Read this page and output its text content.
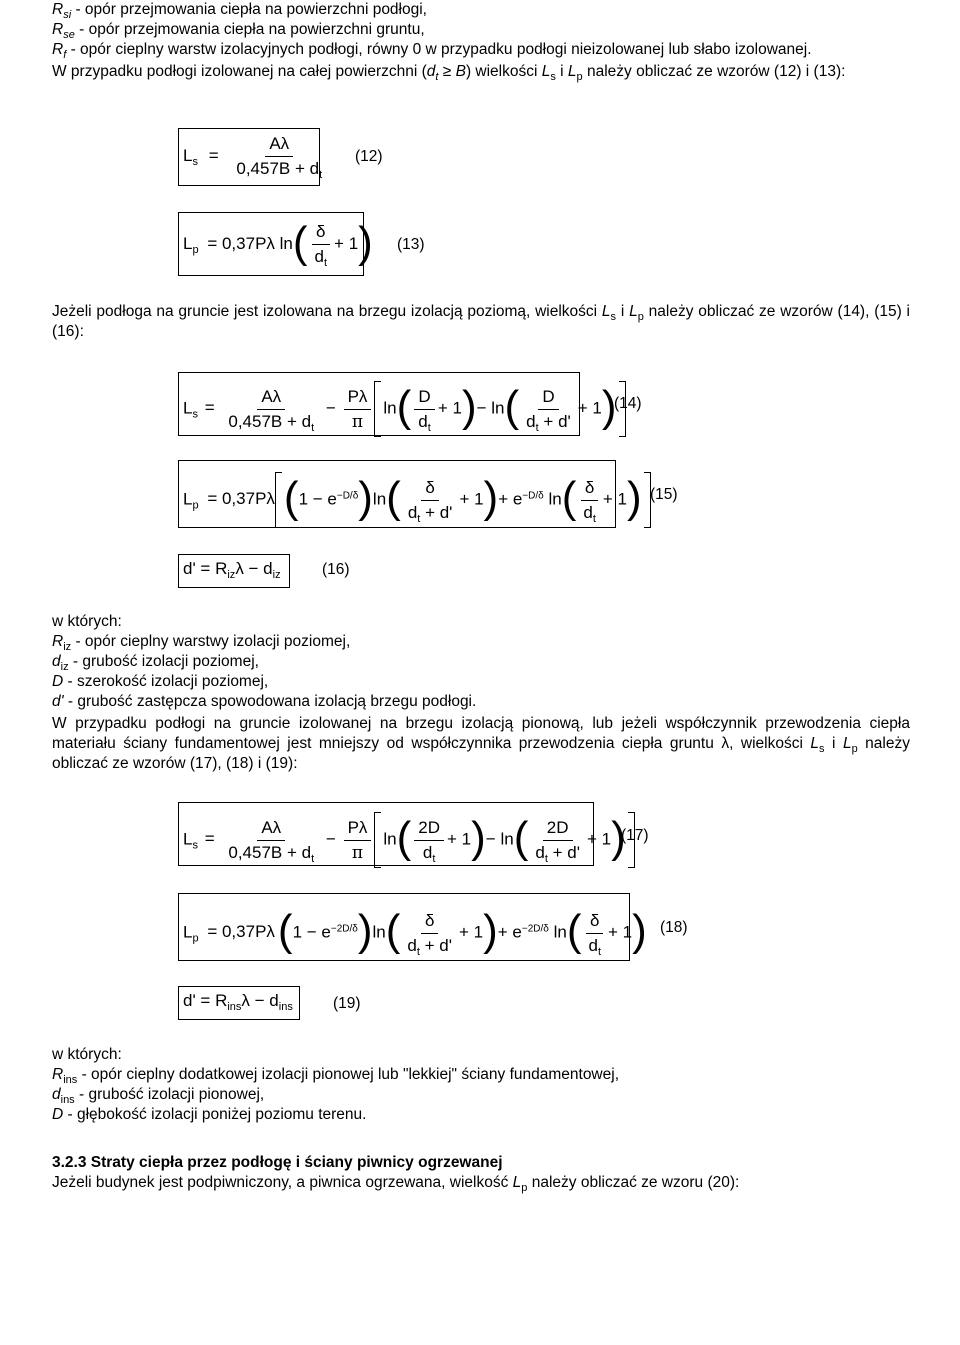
$R_{si}$ - opór przejmowania ciepła na powierzchni podłogi,

$R_{se}$ - opór przejmowania ciepła na powierzchni gruntu,

$R_f$ - opór cieplny warstw izolacyjnych podłogi, równy 0 w przypadku podłogi nieizolowanej lub słabo izolowanej.

W przypadku podłogi izolowanej na całej powierzchni $(d_t \ge B)$ wielkości $L_s$ i $L_p$ należy obliczać ze wzorów (12) i (13):

$L_s = \frac{A\lambda}{0,457B + d_t} (12)$
$L_p = 0,37P\lambda$ $\ln( \frac{\delta}{d_t} + 1)$ (13)

Jeżeli podłoga na gruncie jest izolowana na brzegu izolacją poziomą, wielkości $L_s$ i $L_p$ należy obliczać ze wzorów (14), (15) i (16):

$L_s = \frac{A\lambda}{0,457B + d_t} - \frac{P\lambda}{\pi} \ln( \frac{D}{d_t} + 1)- \ln( \frac{D}{d_t + d'} + 1)$
(14)
$L_p = 0,37P\lambda$ $(1 - e^{-D/\delta})\ln( \frac{\delta}{d_t + d'} + 1)+ e^{-D/\delta}$ $\ln( \frac{\delta}{d_t} + 1)$ (15)
$d' = R_{iz}\lambda - d_{iz}$	(16)

w których:

$R_{iz}$ - opór cieplny warstwy izolacji poziomej,

$d_{iz}$ - grubość izolacji poziomej,

D - szerokość izolacji poziomej,

d' - grubość zastępcza spowodowana izolacją brzegu podłogi.

W przypadku podłogi na gruncie izolowanej na brzegu izolacją pionową, lub jeżeli współczynnik przewodzenia ciepła materiału ściany fundamentowej jest mniejszy od współczynnika przewodzenia ciepła gruntu λ, wielkości $L_s$ i $L_p$ należy obliczać ze wzorów (17), (18) i (19):

$L_s = \frac{A\lambda}{0,457B + d_t} - \frac{P\lambda}{\pi} \ln( \frac{2D}{d_t} + 1)- \ln( \frac{2D}{d_t + d'} + 1)$
(17)
$L_p = 0,37P\lambda(1 - e^{-2D/\delta})\ln( \frac{\delta}{d_t + d'} + 1)+ e^{-2D/\delta}$ $\ln( \frac{\delta}{d_t} + 1)$ (18)
$d' = R_{ins}\lambda - d_{ins}$	(19)

w których:

$R_{ins}$ - opór cieplny dodatkowej izolacji pionowej lub "lekkiej" ściany fundamentowej,

$d_{ins}$ - grubość izolacji pionowej,

D - głębokość izolacji poniżej poziomu terenu.

3.2.3 Straty ciepła przez podłogę i ściany piwnicy ogrzewanej

Jeżeli budynek jest podpiwniczony, a piwnica ogrzewana, wielkość $L_p$ należy obliczać ze wzoru (20):
